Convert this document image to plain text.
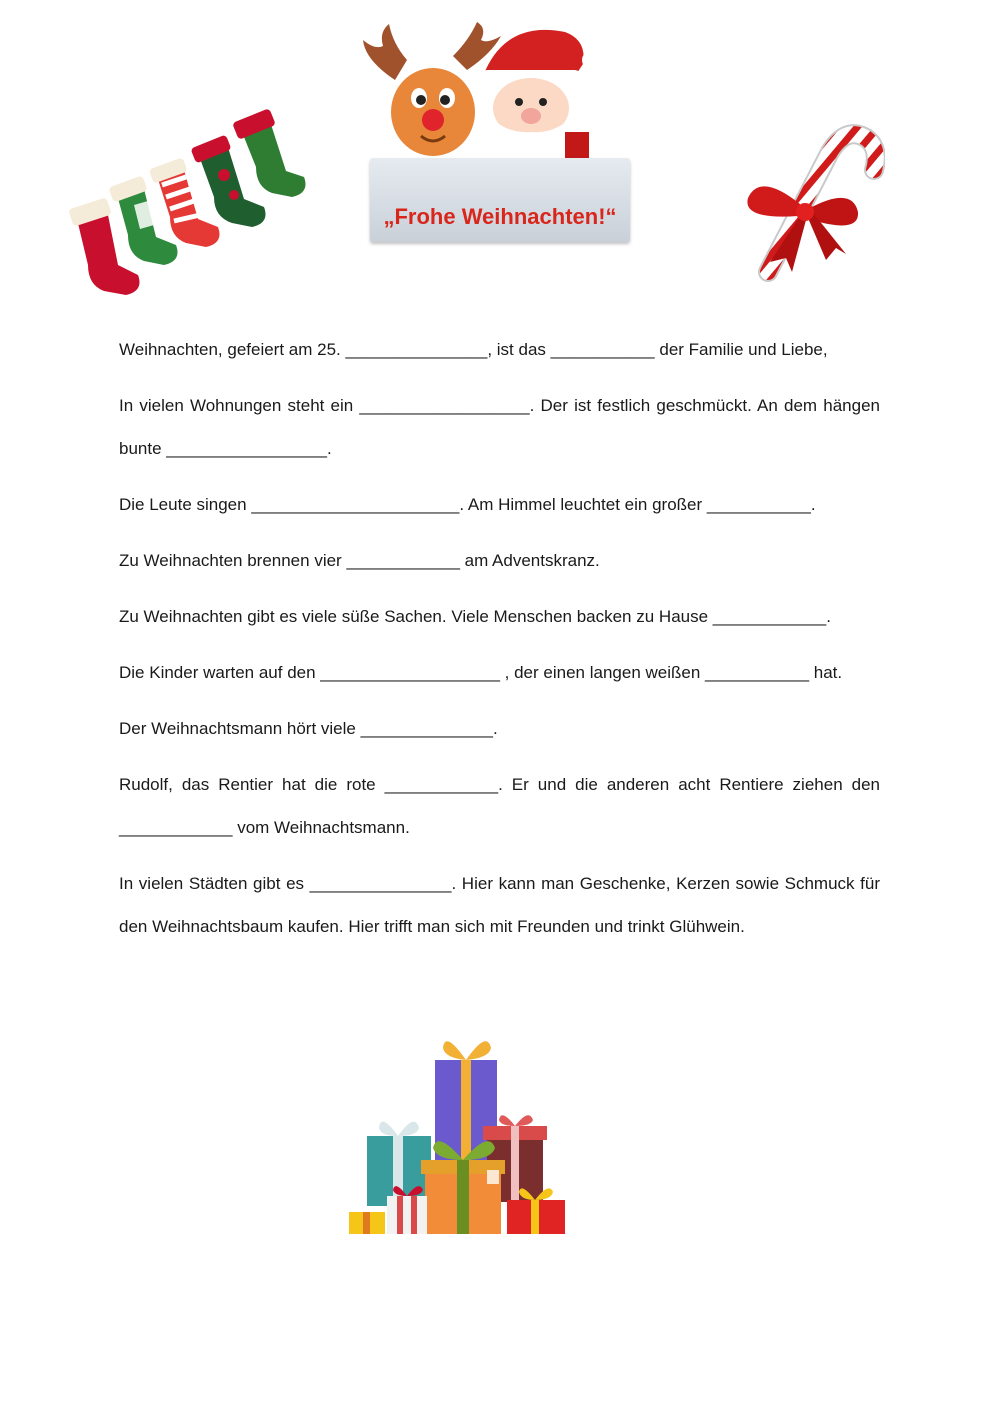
„Frohe Weihnachten!“

Weihnachten, gefeiert am 25. _______________, ist das ___________ der Familie und Liebe,

In vielen Wohnungen steht ein __________________. Der ist festlich geschmückt. An dem hängen bunte _________________.

Die Leute singen ______________________. Am Himmel leuchtet ein großer ___________.

Zu Weihnachten brennen vier ____________ am Adventskranz.

Zu Weihnachten gibt es viele süße Sachen. Viele Menschen backen zu Hause ____________.

Die Kinder warten auf den ___________________ , der einen langen weißen ___________ hat.

Der Weihnachtsmann hört viele ______________.

Rudolf, das Rentier hat die rote ____________. Er und die anderen acht Rentiere ziehen den ____________ vom Weihnachtsmann.

In vielen Städten gibt es _______________. Hier kann man Geschenke, Kerzen sowie Schmuck für den Weihnachtsbaum kaufen. Hier trifft man sich mit Freunden und trinkt Glühwein.
